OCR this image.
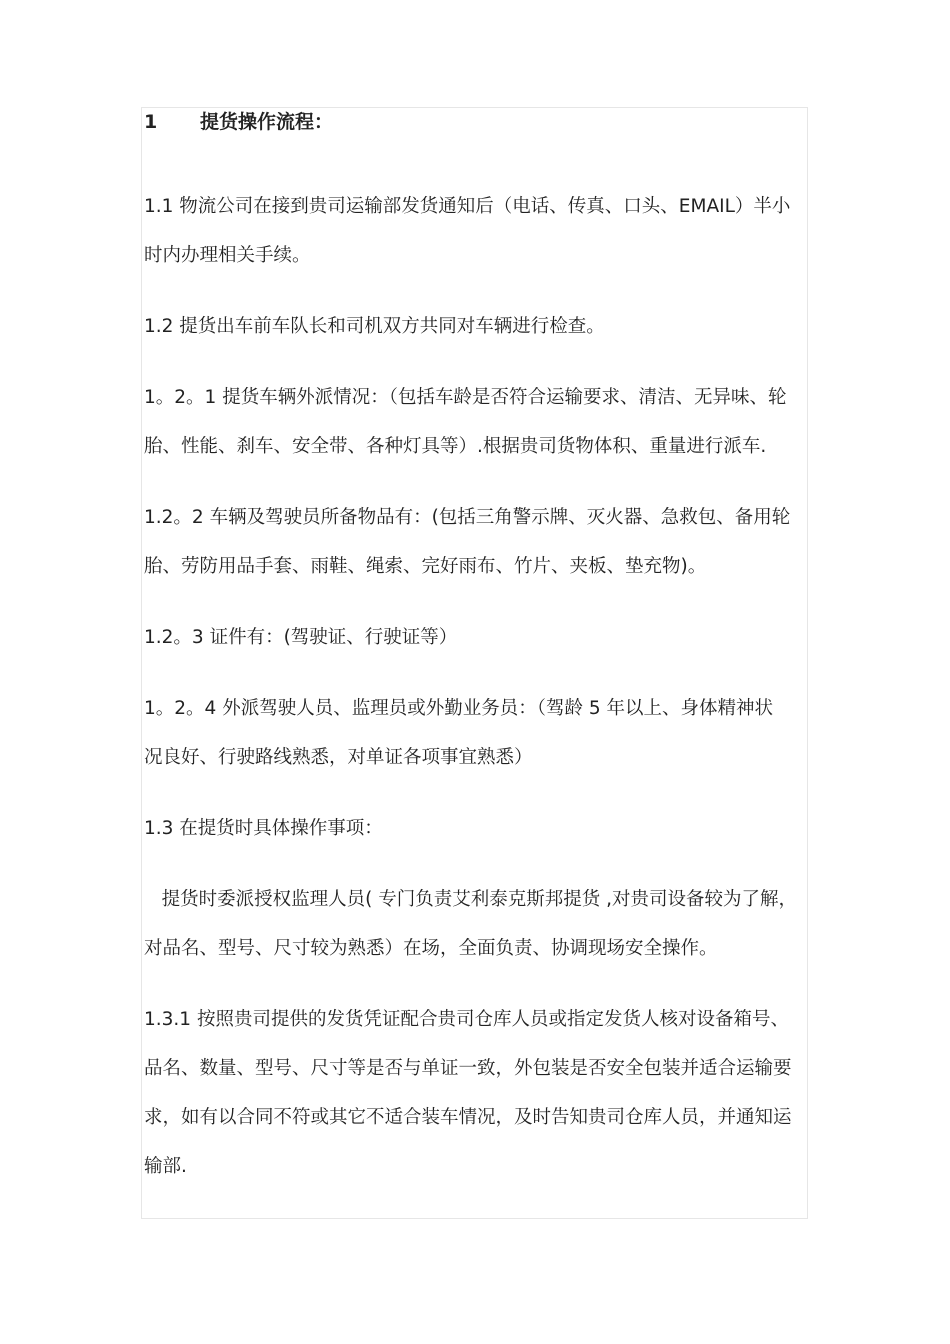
1	提货操作流程：
1.1 物流公司在接到贵司运输部发货通知后（电话、传真、口头、EMAIL）半小
时内办理相关手续。
1.2 提货出车前车队长和司机双方共同对车辆进行检查。
1。2。1 提货车辆外派情况：（包括车龄是否符合运输要求、清洁、无异味、轮
胎、性能、刹车、安全带、各种灯具等）.根据贵司货物体积、重量进行派车.
1.2。2 车辆及驾驶员所备物品有：(包括三角警示牌、灭火器、急救包、备用轮
胎、劳防用品手套、雨鞋、绳索、完好雨布、竹片、夹板、垫充物)。
1.2。3 证件有：(驾驶证、行驶证等）
1。2。4 外派驾驶人员、监理员或外勤业务员：（驾龄 5 年以上、身体精神状
况良好、行驶路线熟悉，对单证各项事宜熟悉）
1.3 在提货时具体操作事项：
提货时委派授权监理人员( 专门负责艾利泰克斯邦提货 ,对贵司设备较为了解，
对品名、型号、尺寸较为熟悉）在场，全面负责、协调现场安全操作。
1.3.1 按照贵司提供的发货凭证配合贵司仓库人员或指定发货人核对设备箱号、
品名、数量、型号、尺寸等是否与单证一致，外包装是否安全包装并适合运输要
求，如有以合同不符或其它不适合装车情况，及时告知贵司仓库人员，并通知运
输部.
